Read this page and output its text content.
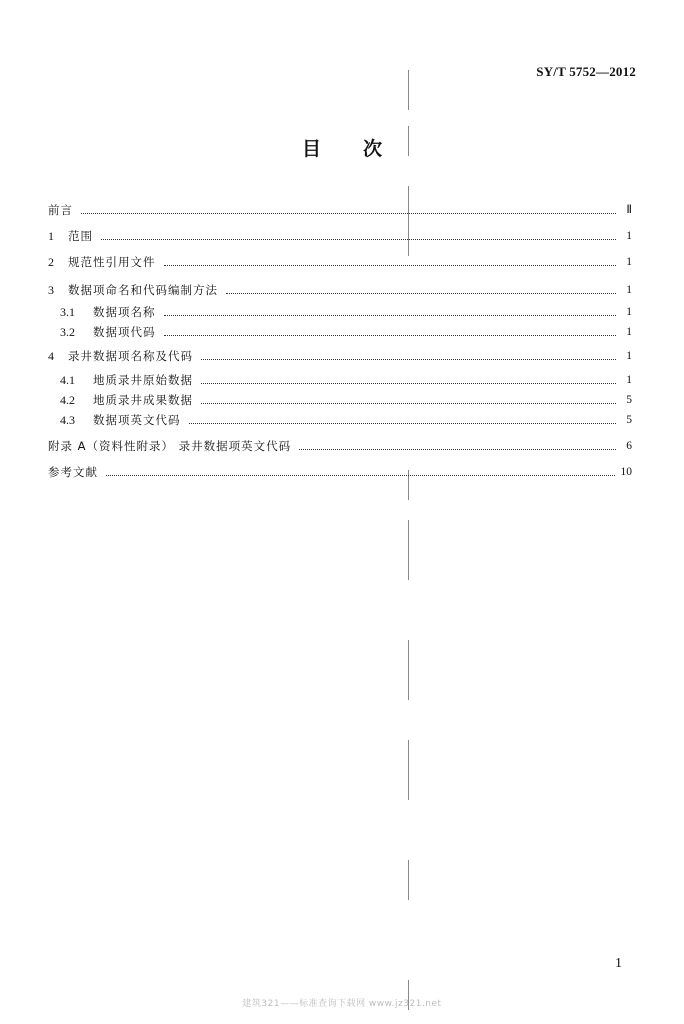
SY/T 5752—2012
目 次
前言	Ⅱ
1 范围	1
2 规范性引用文件	1
3 数据项命名和代码编制方法	1
3.1 数据项名称	1
3.2 数据项代码	1
4 录井数据项名称及代码	1
4.1 地质录井原始数据	1
4.2 地质录井成果数据	5
4.3 数据项英文代码	5
附录 A（资料性附录） 录井数据项英文代码	6
参考文献	10
1
建筑321——标准查询下载网 www.jz321.net
